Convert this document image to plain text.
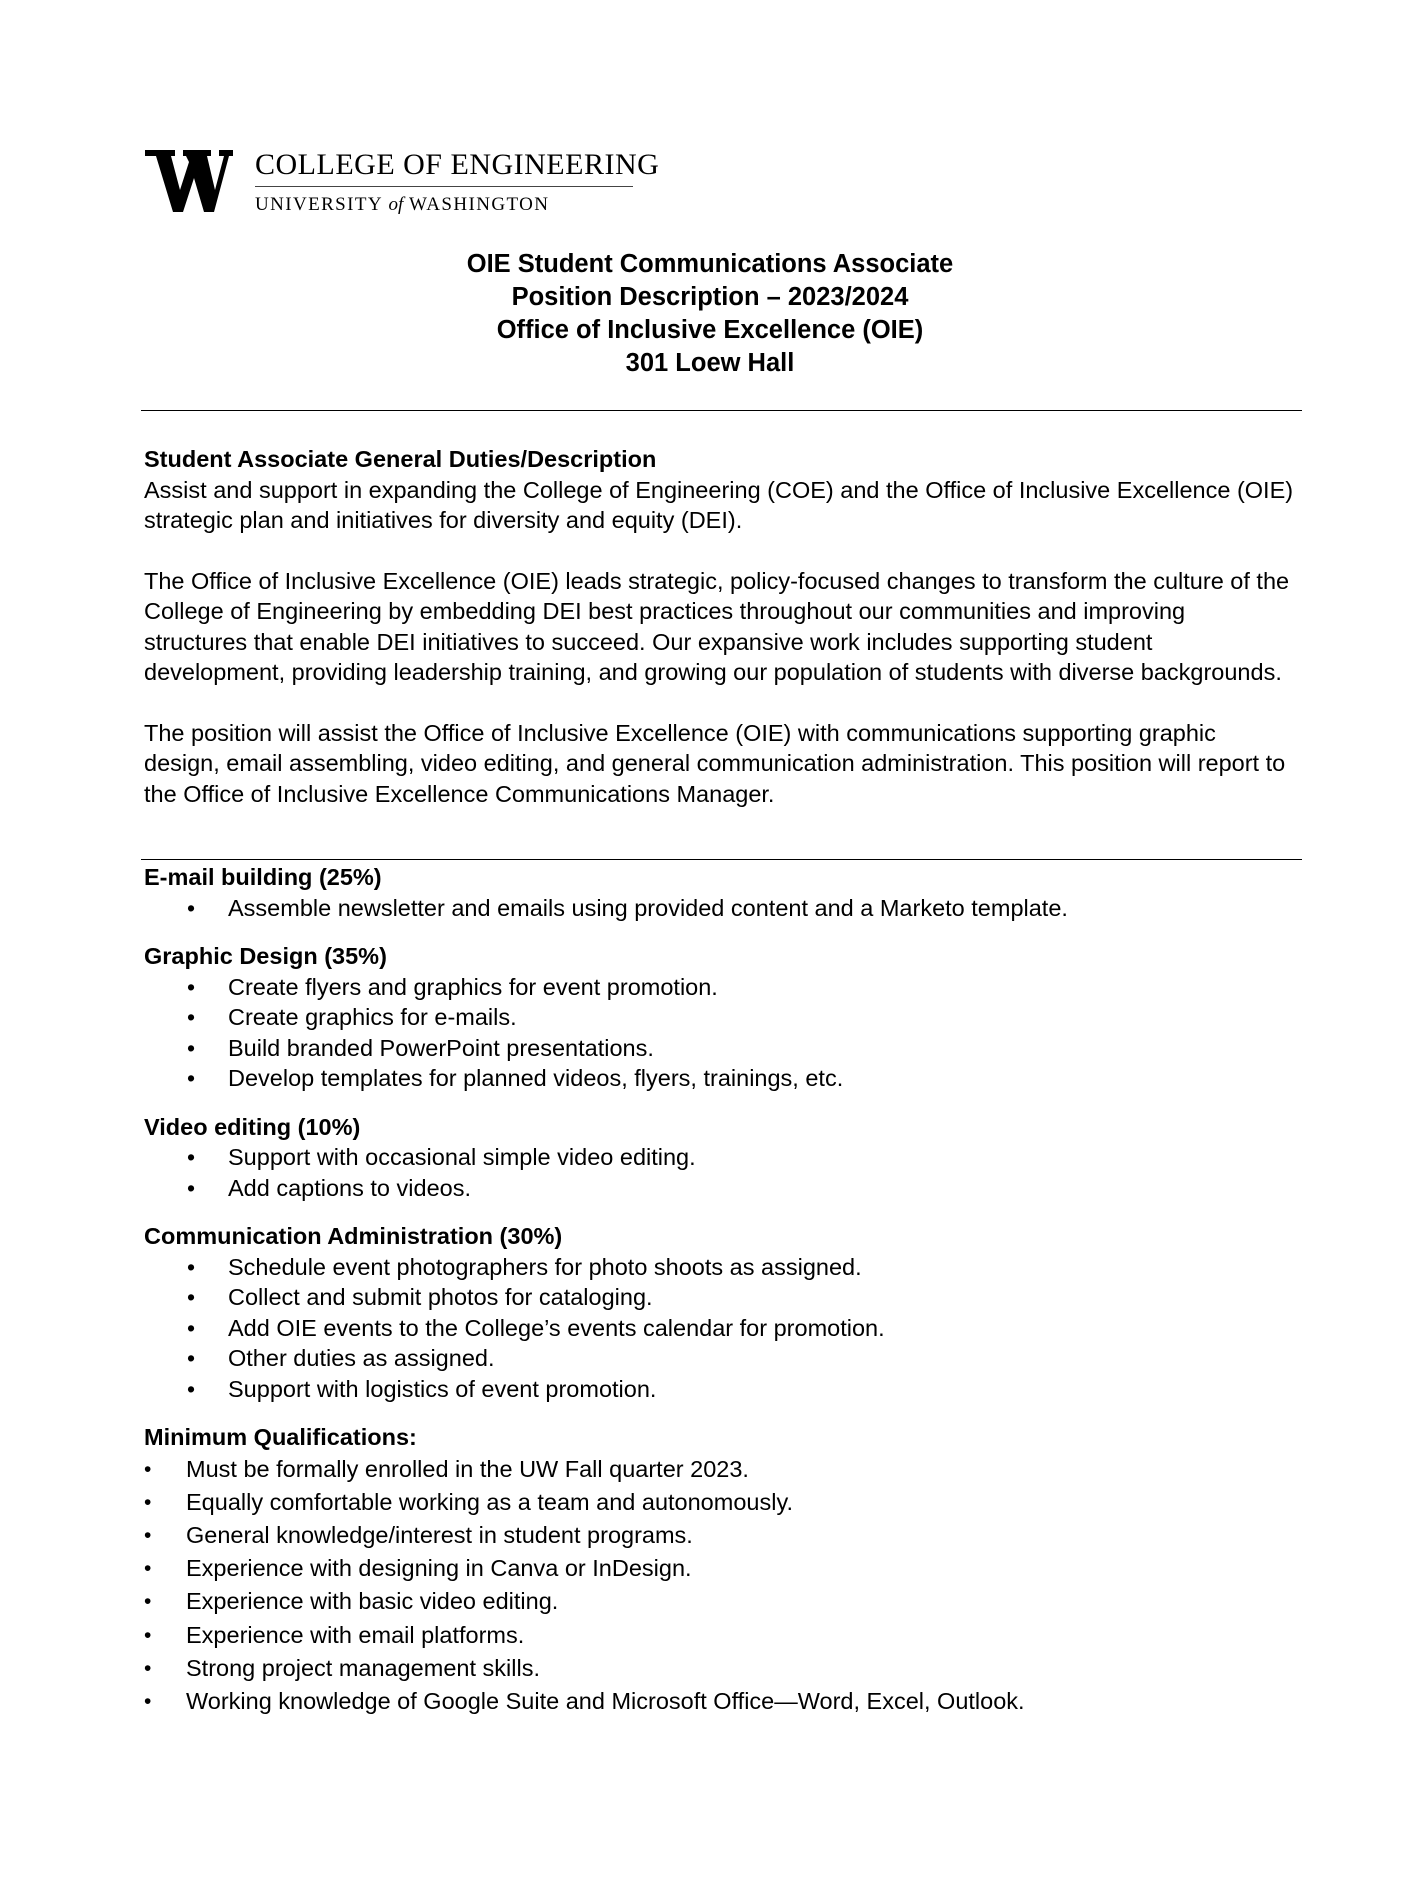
COLLEGE OF ENGINEERING
UNIVERSITY of WASHINGTON
OIE Student Communications Associate
Position Description – 2023/2024
Office of Inclusive Excellence (OIE)
301 Loew Hall

Student Associate General Duties/Description

Assist and support in expanding the College of Engineering (COE) and the Office of Inclusive Excellence (OIE) strategic plan and initiatives for diversity and equity (DEI).

The Office of Inclusive Excellence (OIE) leads strategic, policy-focused changes to transform the culture of the College of Engineering by embedding DEI best practices throughout our communities and improving structures that enable DEI initiatives to succeed. Our expansive work includes supporting student development, providing leadership training, and growing our population of students with diverse backgrounds.

The position will assist the Office of Inclusive Excellence (OIE) with communications supporting graphic design, email assembling, video editing, and general communication administration. This position will report to the Office of Inclusive Excellence Communications Manager.

E-mail building (25%)

• Assemble newsletter and emails using provided content and a Marketo template.

Graphic Design (35%)

• Create flyers and graphics for event promotion.
• Create graphics for e-mails.
• Build branded PowerPoint presentations.
• Develop templates for planned videos, flyers, trainings, etc.

Video editing (10%)

• Support with occasional simple video editing.
• Add captions to videos.

Communication Administration (30%)

• Schedule event photographers for photo shoots as assigned.
• Collect and submit photos for cataloging.
• Add OIE events to the College’s events calendar for promotion.
• Other duties as assigned.
• Support with logistics of event promotion.

Minimum Qualifications:

• Must be formally enrolled in the UW Fall quarter 2023.
• Equally comfortable working as a team and autonomously.
• General knowledge/interest in student programs.
• Experience with designing in Canva or InDesign.
• Experience with basic video editing.
• Experience with email platforms.
• Strong project management skills.
• Working knowledge of Google Suite and Microsoft Office—Word, Excel, Outlook.
